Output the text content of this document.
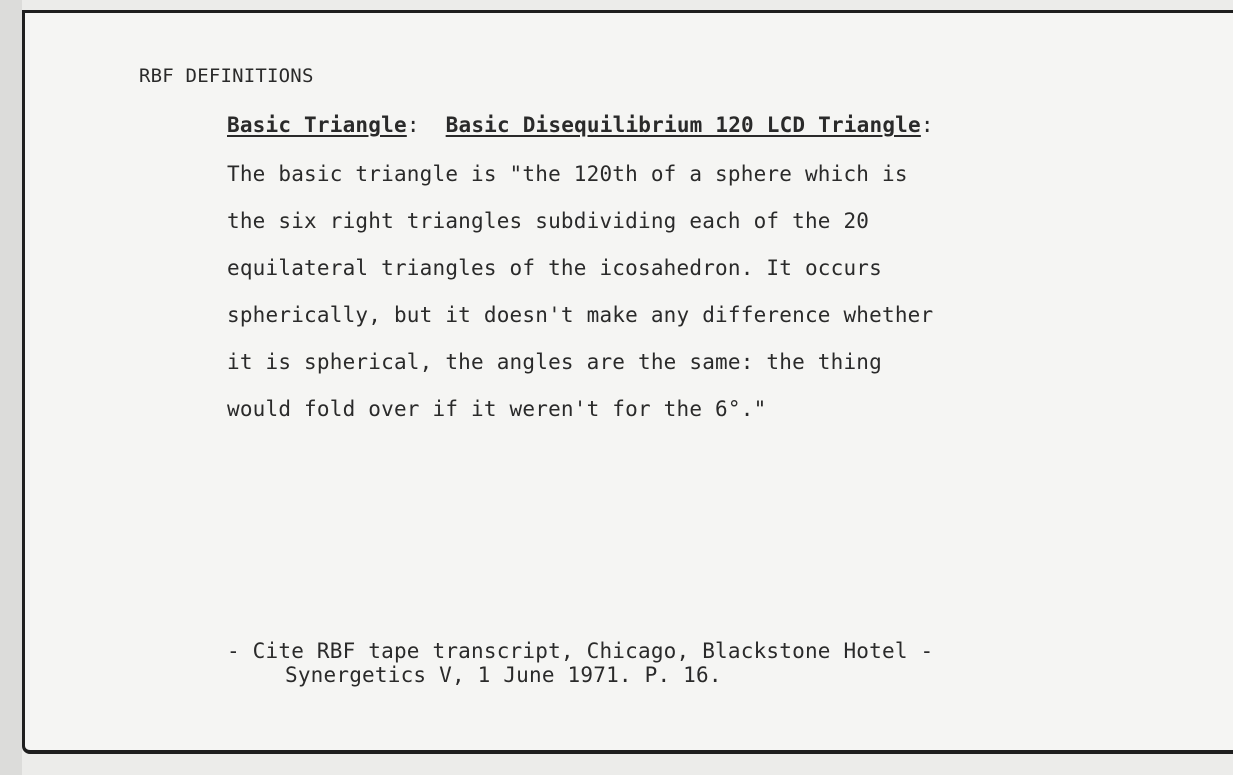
RBF DEFINITIONS
Basic Triangle: Basic Disequilibrium 120 LCD Triangle:
The basic triangle is "the 120th of a sphere which is
the six right triangles subdividing each of the 20
equilateral triangles of the icosahedron. It occurs
spherically, but it doesn't make any difference whether
it is spherical, the angles are the same: the thing
would fold over if it weren't for the 6°."
- Cite RBF tape transcript, Chicago, Blackstone Hotel -
Synergetics V, 1 June 1971. P. 16.
